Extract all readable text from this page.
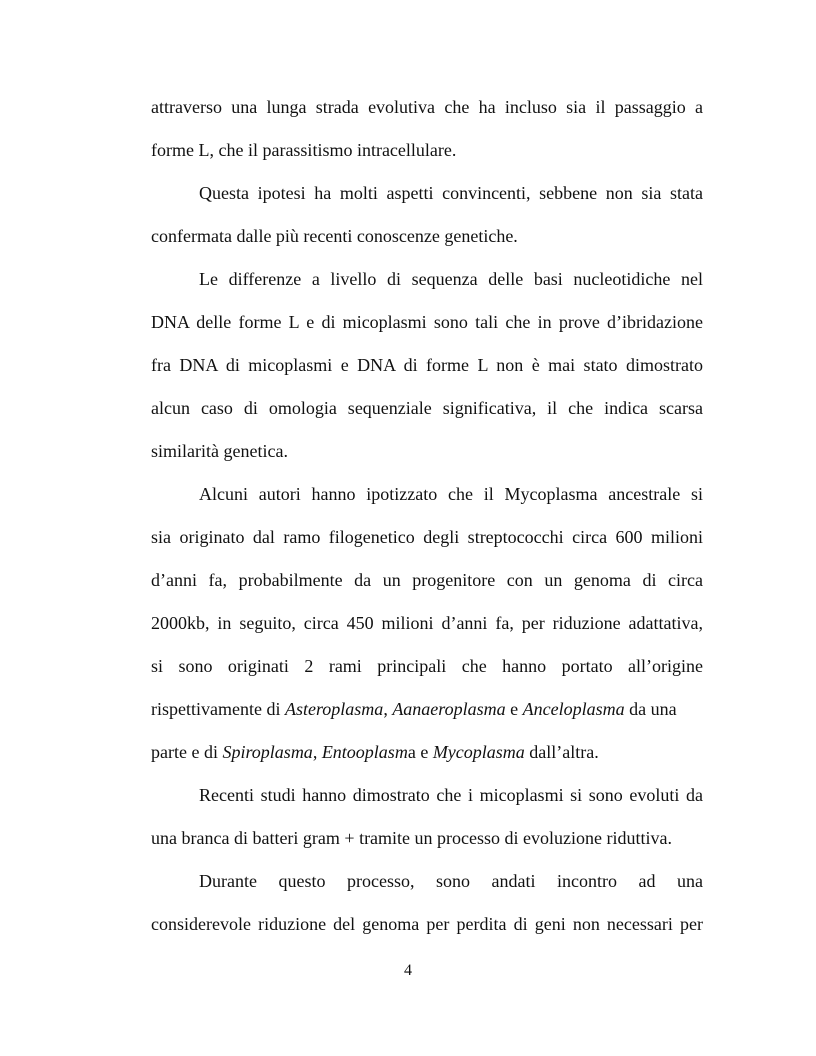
attraverso una lunga strada evolutiva che ha incluso sia il passaggio a
forme L, che il parassitismo intracellulare.
Questa ipotesi ha molti aspetti convincenti, sebbene non sia stata
confermata dalle più recenti conoscenze genetiche.
Le differenze a livello di sequenza delle basi nucleotidiche nel
DNA delle forme L e di micoplasmi sono tali che in prove d’ibridazione
fra DNA di micoplasmi e DNA di forme L non è mai stato dimostrato
alcun caso di omologia sequenziale significativa, il che indica scarsa
similarità genetica.
Alcuni autori hanno ipotizzato che il Mycoplasma ancestrale si
sia originato dal ramo filogenetico degli streptococchi circa 600 milioni
d’anni fa, probabilmente da un progenitore con un genoma di circa
2000kb, in seguito, circa 450 milioni d’anni fa, per riduzione adattativa,
si sono originati 2 rami principali che hanno portato all’origine
rispettivamente di Asteroplasma, Aanaeroplasma e Anceloplasma da una
parte e di Spiroplasma, Entooplasma e Mycoplasma dall’altra.
Recenti studi hanno dimostrato che i micoplasmi si sono evoluti da
una branca di batteri gram + tramite un processo di evoluzione riduttiva.
Durante questo processo, sono andati incontro ad una
considerevole riduzione del genoma per perdita di geni non necessari per
4
